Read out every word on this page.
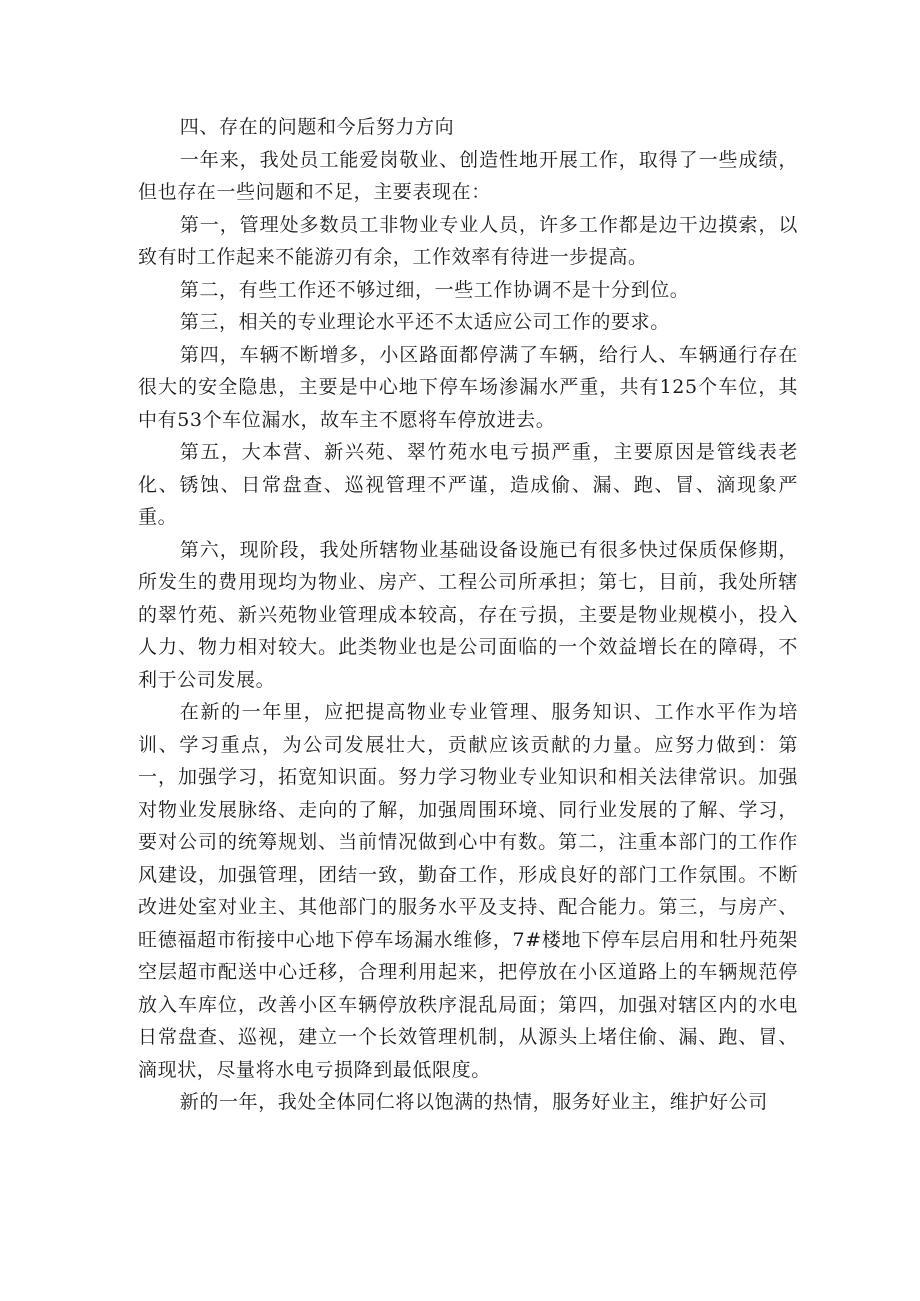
四、存在的问题和今后努力方向

一年来，我处员工能爱岗敬业、创造性地开展工作，取得了一些成绩，但也存在一些问题和不足，主要表现在：

第一，管理处多数员工非物业专业人员，许多工作都是边干边摸索，以致有时工作起来不能游刃有余，工作效率有待进一步提高。

第二，有些工作还不够过细，一些工作协调不是十分到位。

第三，相关的专业理论水平还不太适应公司工作的要求。

第四，车辆不断增多，小区路面都停满了车辆，给行人、车辆通行存在很大的安全隐患，主要是中心地下停车场渗漏水严重，共有125个车位，其中有53个车位漏水，故车主不愿将车停放进去。

第五，大本营、新兴苑、翠竹苑水电亏损严重，主要原因是管线表老化、锈蚀、日常盘查、巡视管理不严谨，造成偷、漏、跑、冒、滴现象严重。

第六，现阶段，我处所辖物业基础设备设施已有很多快过保质保修期，所发生的费用现均为物业、房产、工程公司所承担；第七，目前，我处所辖的翠竹苑、新兴苑物业管理成本较高，存在亏损，主要是物业规模小，投入人力、物力相对较大。此类物业也是公司面临的一个效益增长在的障碍，不利于公司发展。

在新的一年里，应把提高物业专业管理、服务知识、工作水平作为培训、学习重点，为公司发展壮大，贡献应该贡献的力量。应努力做到：第一，加强学习，拓宽知识面。努力学习物业专业知识和相关法律常识。加强对物业发展脉络、走向的了解，加强周围环境、同行业发展的了解、学习，要对公司的统筹规划、当前情况做到心中有数。第二，注重本部门的工作作风建设，加强管理，团结一致，勤奋工作，形成良好的部门工作氛围。不断改进处室对业主、其他部门的服务水平及支持、配合能力。第三，与房产、旺德福超市衔接中心地下停车场漏水维修，7#楼地下停车层启用和牡丹苑架空层超市配送中心迁移，合理利用起来，把停放在小区道路上的车辆规范停放入车库位，改善小区车辆停放秩序混乱局面；第四，加强对辖区内的水电日常盘查、巡视，建立一个长效管理机制，从源头上堵住偷、漏、跑、冒、滴现状，尽量将水电亏损降到最低限度。

新的一年，我处全体同仁将以饱满的热情，服务好业主，维护好公司
